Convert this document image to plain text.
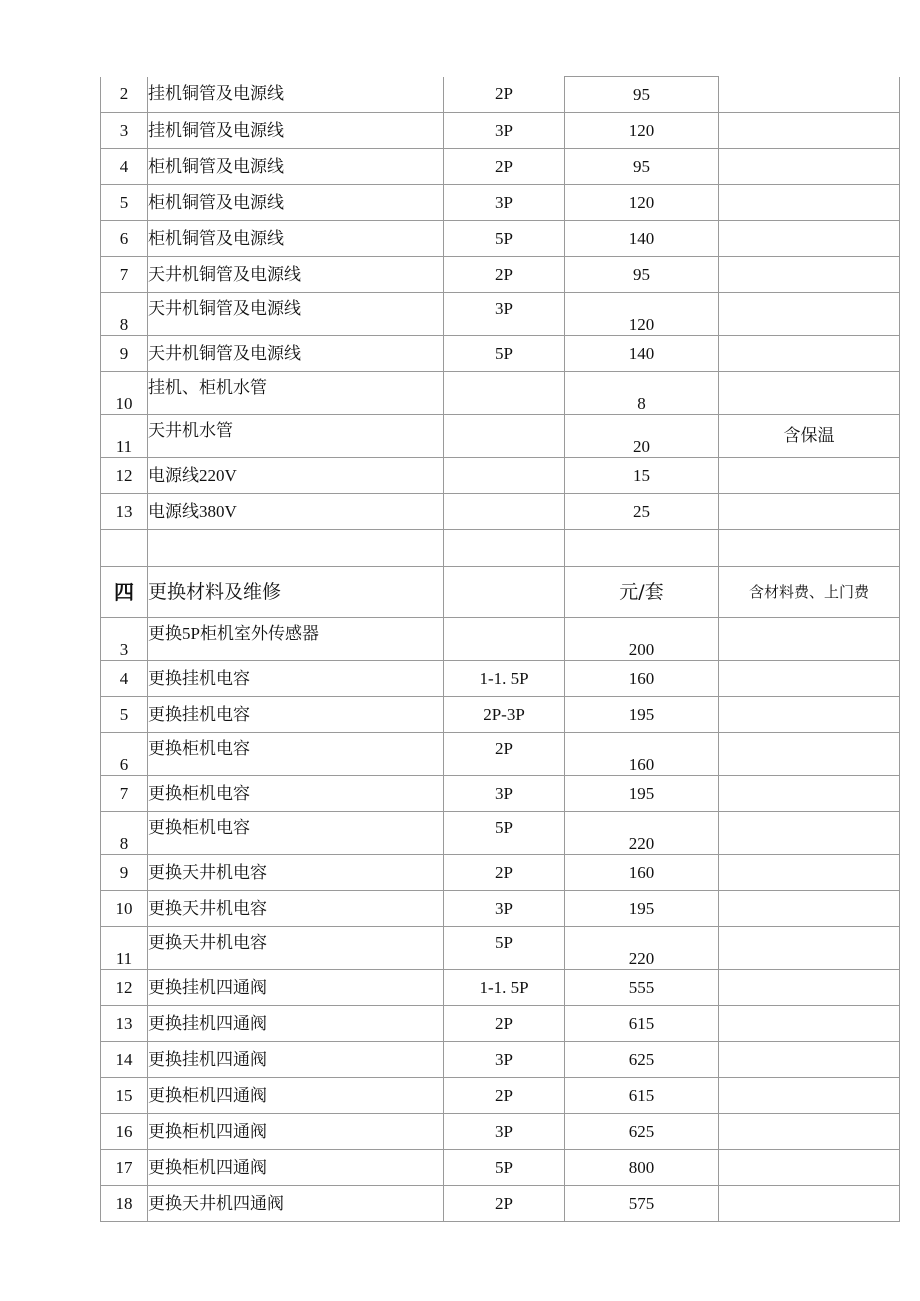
2	挂机铜管及电源线	2P	95	
3	挂机铜管及电源线	3P	120	
4	柜机铜管及电源线	2P	95	
5	柜机铜管及电源线	3P	120	
6	柜机铜管及电源线	5P	140	
7	天井机铜管及电源线	2P	95	
8	天井机铜管及电源线	3P	120	
9	天井机铜管及电源线	5P	140	
10	挂机、柜机水管		8	
11	天井机水管		20	含保温
12	电源线220V		15	
13	电源线380V		25	

四	更换材料及维修		元/套	含材料费、上门费
3	更换5P柜机室外传感器		200	
4	更换挂机电容	1-1. 5P	160	
5	更换挂机电容	2P-3P	195	
6	更换柜机电容	2P	160	
7	更换柜机电容	3P	195	
8	更换柜机电容	5P	220	
9	更换天井机电容	2P	160	
10	更换天井机电容	3P	195	
11	更换天井机电容	5P	220	
12	更换挂机四通阀	1-1. 5P	555	
13	更换挂机四通阀	2P	615	
14	更换挂机四通阀	3P	625	
15	更换柜机四通阀	2P	615	
16	更换柜机四通阀	3P	625	
17	更换柜机四通阀	5P	800	
18	更换天井机四通阀	2P	575	
